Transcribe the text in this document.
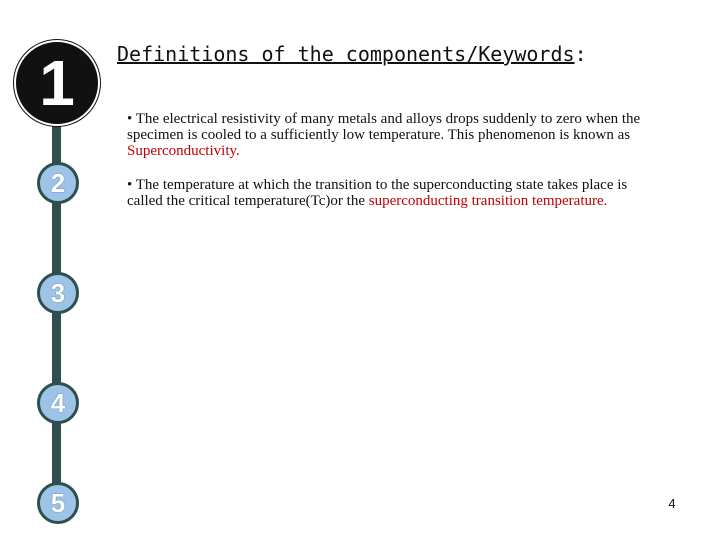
1
2
3
4
5
Definitions of the components/Keywords:
• The electrical resistivity of many metals and alloys drops suddenly to zero when the specimen is cooled to a sufficiently low temperature. This phenomenon is known as Superconductivity.
• The temperature at which the transition to the superconducting state takes place is called the critical temperature(Tc)or the superconducting transition temperature.
4
